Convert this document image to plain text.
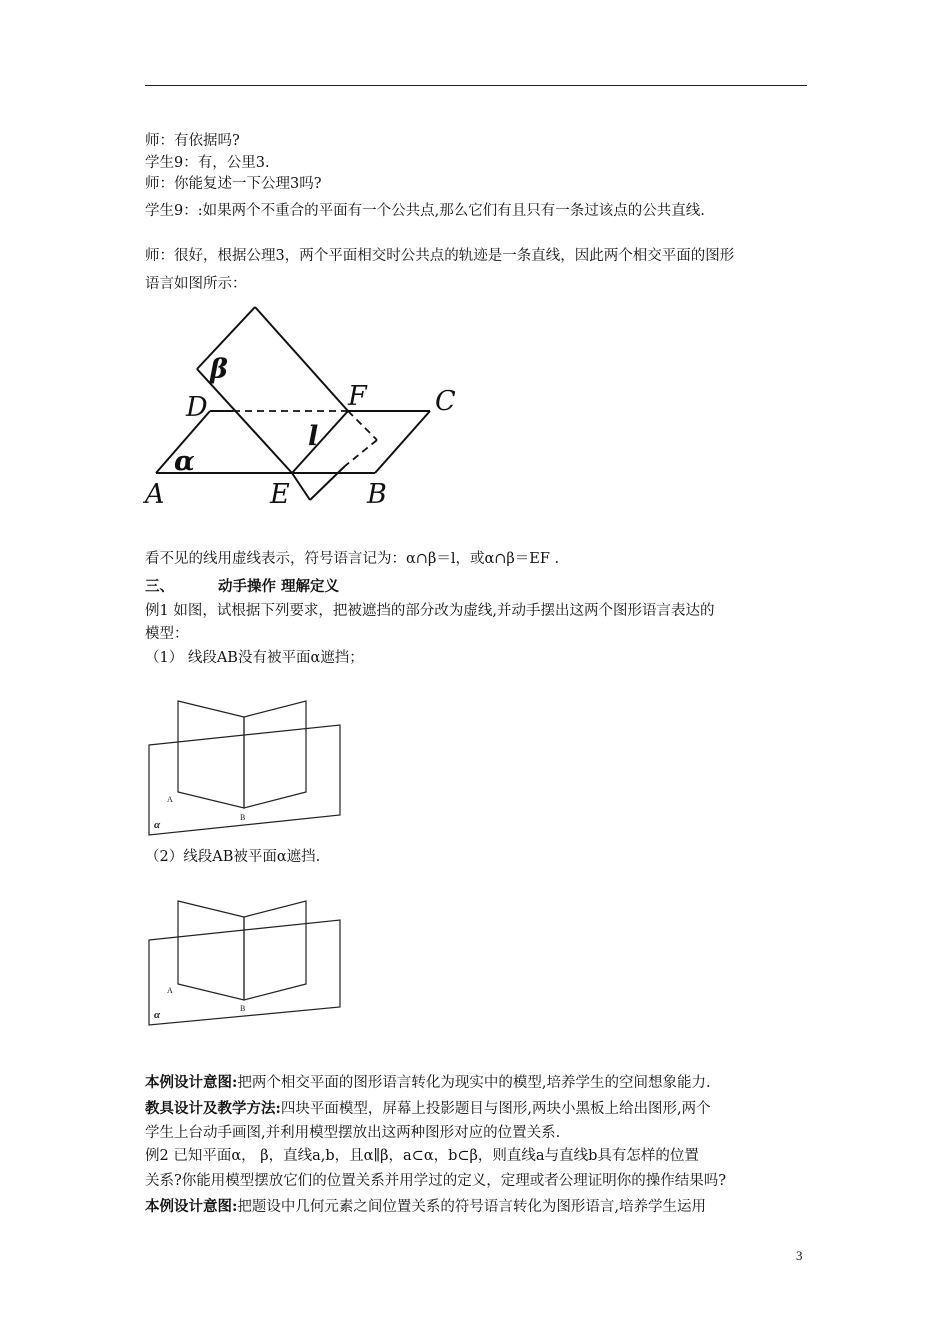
师：有依据吗?
学生9：有，公里3.
师：你能复述一下公理3吗?
学生9：:如果两个不重合的平面有一个公共点,那么它们有且只有一条过该点的公共直线.
师：很好，根据公理3，两个平面相交时公共点的轨迹是一条直线，因此两个相交平面的图形
语言如图所示：
β
D	F	C
l
α
A	E	B
看不见的线用虚线表示，符号语言记为：α∩β＝l，或α∩β＝EF .
三、	动手操作 理解定义
例1 如图，试根据下列要求，把被遮挡的部分改为虚线,并动手摆出这两个图形语言表达的
模型：
（1） 线段AB没有被平面α遮挡；
A
B
α
（2）线段AB被平面α遮挡.
A
B
α
本例设计意图:把两个相交平面的图形语言转化为现实中的模型,培养学生的空间想象能力.
教具设计及教学方法:四块平面模型，屏幕上投影题目与图形,两块小黑板上给出图形,两个
学生上台动手画图,并利用模型摆放出这两种图形对应的位置关系.
例2 已知平面α， β，直线a,b，且α∥β，a⊂α，b⊂β，则直线a与直线b具有怎样的位置
关系?你能用模型摆放它们的位置关系并用学过的定义，定理或者公理证明你的操作结果吗?
本例设计意图:把题设中几何元素之间位置关系的符号语言转化为图形语言,培养学生运用
3
